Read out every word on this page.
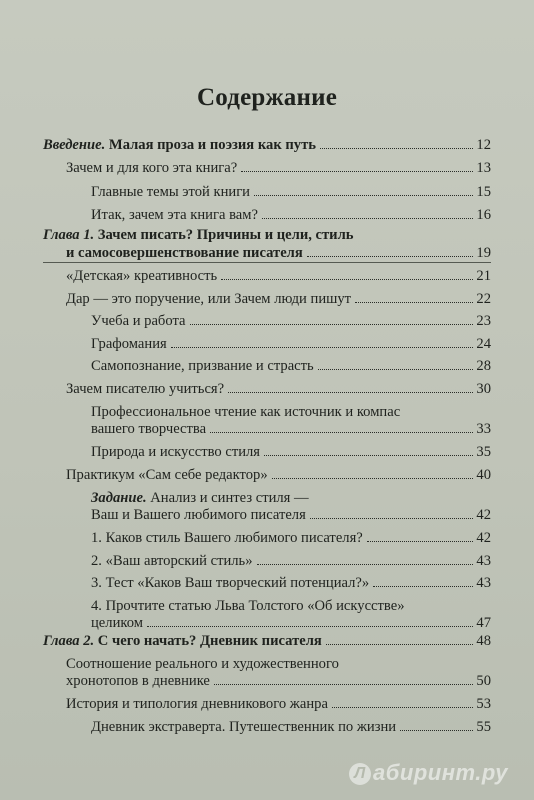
Содержание
Введение. Малая проза и поэзия как путь	12
Зачем и для кого эта книга?	13
Главные темы этой книги	15
Итак, зачем эта книга вам?	16
Глава 1. Зачем писать? Причины и цели, стиль
и самосовершенствование писателя	19
«Детская» креативность	21
Дар — это поручение, или Зачем люди пишут	22
Учеба и работа	23
Графомания	24
Самопознание, призвание и страсть	28
Зачем писателю учиться?	30
Профессиональное чтение как источник и компас
вашего творчества	33
Природа и искусство стиля	35
Практикум «Сам себе редактор»	40
Задание. Анализ и синтез стиля —
Ваш и Вашего любимого писателя	42
1. Каков стиль Вашего любимого писателя?	42
2. «Ваш авторский стиль»	43
3. Тест «Каков Ваш творческий потенциал?»	43
4. Прочтите статью Льва Толстого «Об искусстве»
целиком	47
Глава 2. С чего начать? Дневник писателя	48
Соотношение реального и художественного
хронотопов в дневнике	50
История и типология дневникового жанра	53
Дневник экстраверта. Путешественник по жизни	55
Л абиринт.ру
